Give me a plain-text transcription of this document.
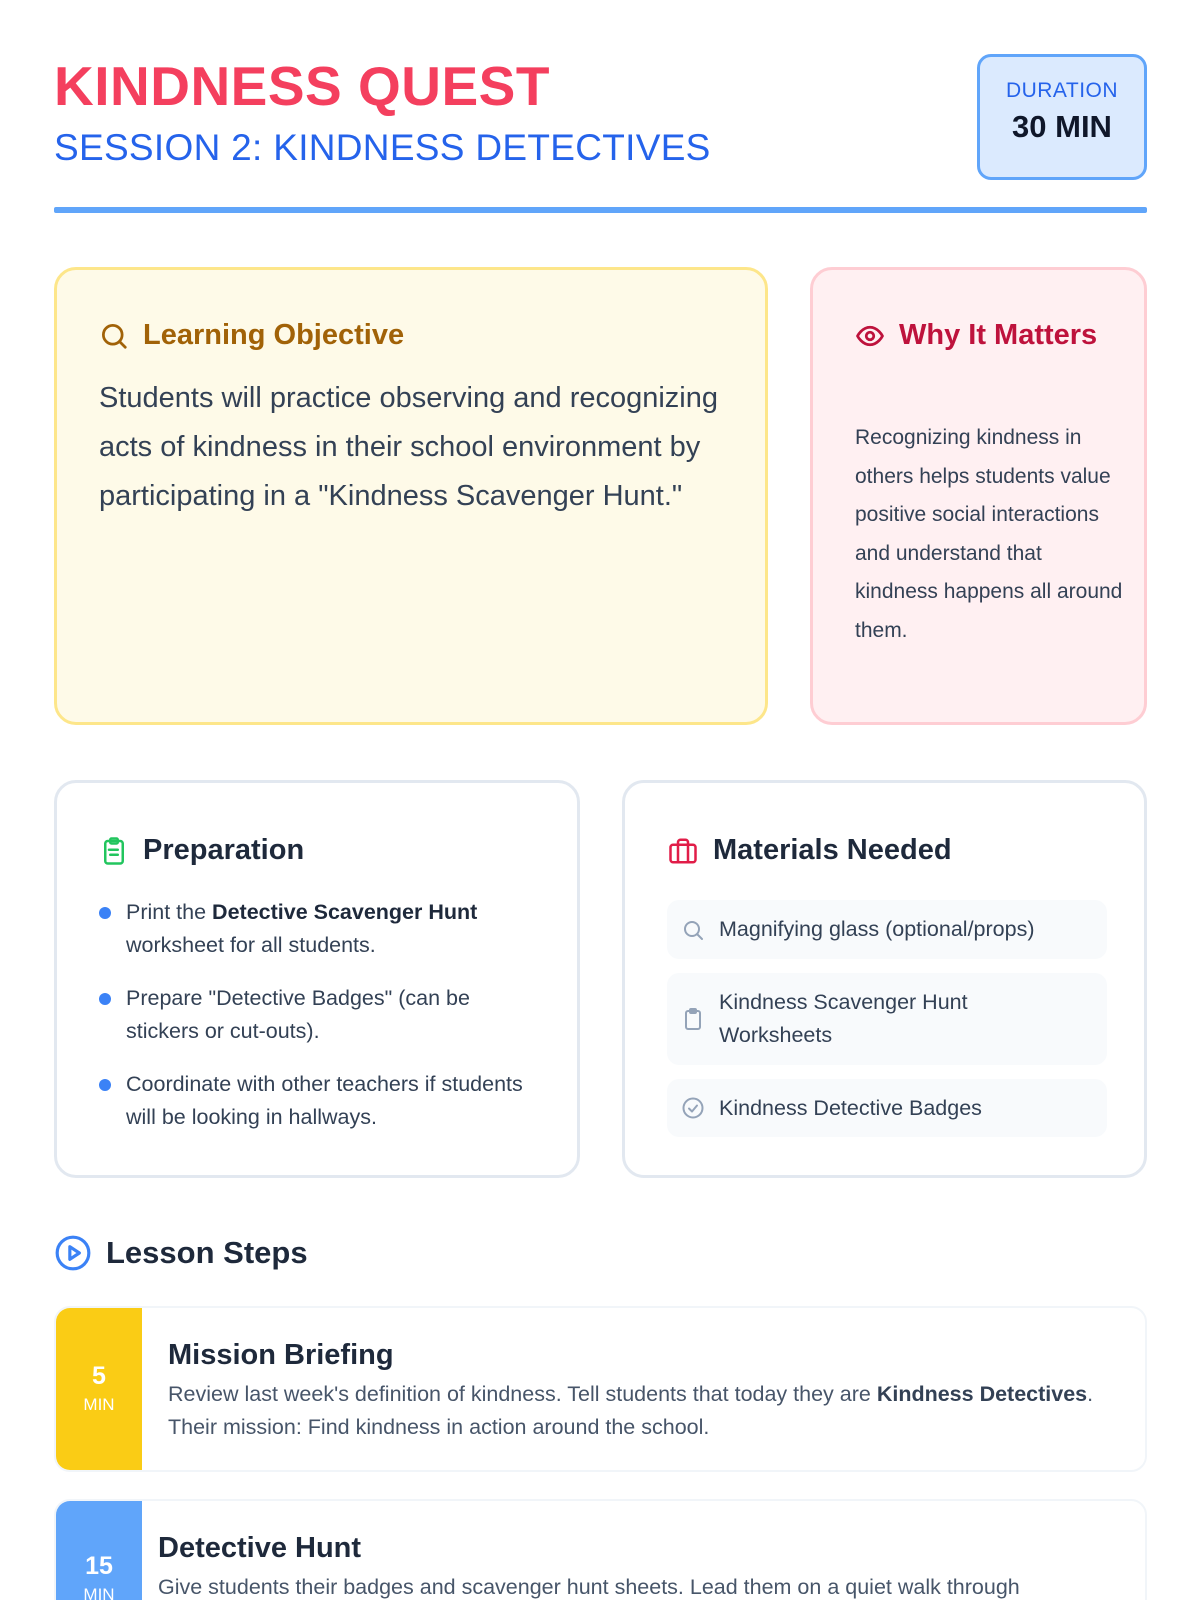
KINDNESS QUEST
SESSION 2: KINDNESS DETECTIVES
DURATION
30 MIN
Learning Objective

Students will practice observing and recognizing acts of kindness in their school environment by participating in a "Kindness Scavenger Hunt."

Why It Matters

Recognizing kindness in others helps students value positive social interactions and understand that kindness happens all around them.

Preparation
Print the Detective Scavenger Hunt worksheet for all students.
Prepare "Detective Badges" (can be stickers or cut-outs).
Coordinate with other teachers if students will be looking in hallways.
Materials Needed
Magnifying glass (optional/props)
Kindness Scavenger Hunt Worksheets
Kindness Detective Badges
Lesson Steps
5
MIN
Mission Briefing

Review last week's definition of kindness. Tell students that today they are Kindness Detectives. Their mission: Find kindness in action around the school.

15
MIN
Detective Hunt

Give students their badges and scavenger hunt sheets. Lead them on a quiet walk through
